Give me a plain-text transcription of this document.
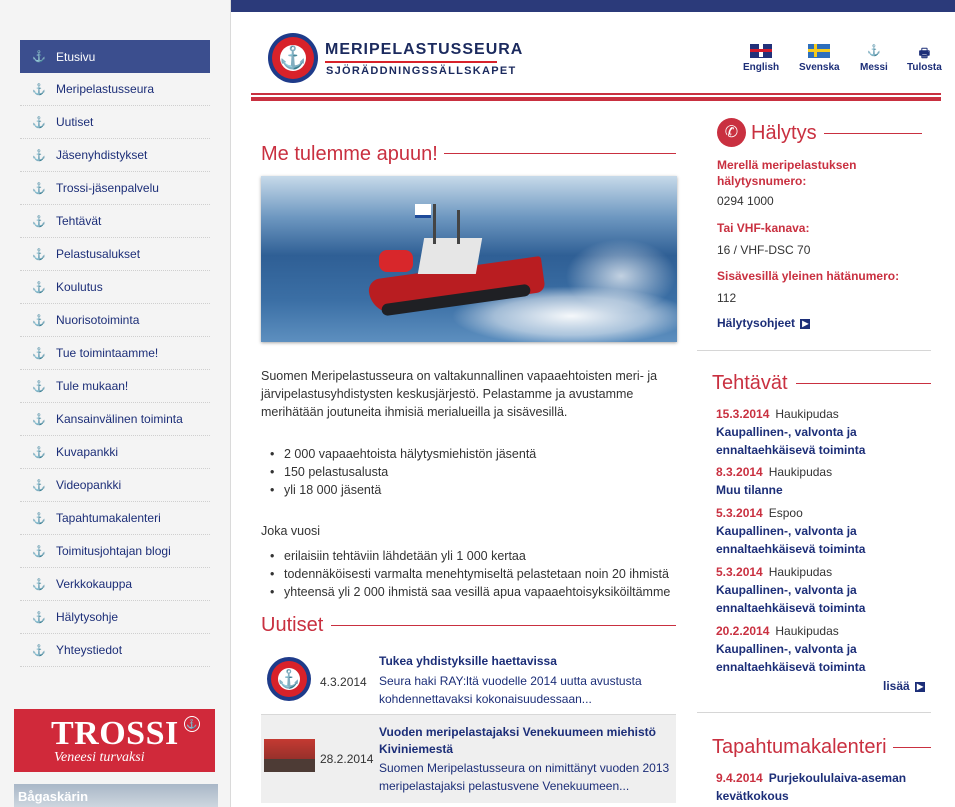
⚓ Etusivu
⚓ Meripelastusseura
⚓ Uutiset
⚓ Jäsenyhdistykset
⚓ Trossi-jäsenpalvelu
⚓ Tehtävät
⚓ Pelastusalukset
⚓ Koulutus
⚓ Nuorisotoiminta
⚓ Tue toimintaamme!
⚓ Tule mukaan!
⚓ Kansainvälinen toiminta
⚓ Kuvapankki
⚓ Videopankki
⚓ Tapahtumakalenteri
⚓ Toimitusjohtajan blogi
⚓ Verkkokauppa
⚓ Hälytysohje
⚓ Yhteystiedot
TROSSI ⚓
Veneesi turvaksi
Bågaskärin
⚓	MERIPELASTUSSEURA
SJÖRÄDDNINGSSÄLLSKAPET	English Svenska
⚓
Messi
🖶
Tulosta
Me tulemme apuun!
Suomen Meripelastusseura on valtakunnallinen vapaaehtoisten meri- ja järvipelastusyhdistysten keskusjärjestö. Pelastamme ja avustamme merihätään joutuneita ihmisiä merialueilla ja sisävesillä.
• 2 000 vapaaehtoista hälytysmiehistön jäsentä
• 150 pelastusalusta
• yli 18 000 jäsentä
Joka vuosi
• erilaisiin tehtäviin lähdetään yli 1 000 kertaa
• todennäköisesti varmalta menehtymiseltä pelastetaan noin 20 ihmistä
• yhteensä yli 2 000 ihmistä saa vesillä apua vapaaehtoisyksiköiltämme
Uutiset
⚓	4.3.2014
Tukea yhdistyksille haettavissa
Seura haki RAY:ltä vuodelle 2014 uutta avustusta kohdennettavaksi kokonaisuudessaan...
28.2.2014
Vuoden meripelastajaksi Venekuumeen miehistö Kiviniemestä
Suomen Meripelastusseura on nimittänyt vuoden 2013 meripelastajaksi pelastusvene Venekuumeen...
✆ Hälytys
Merellä meripelastuksen hälytysnumero:
0294 1000
Tai VHF-kanava:
16 / VHF-DSC 70
Sisävesillä yleinen hätänumero:
112
Hälytysohjeet ▶
Tehtävät
15.3.2014 Haukipudas
Kaupallinen-, valvonta ja ennaltaehkäisevä toiminta
8.3.2014 Haukipudas
Muu tilanne
5.3.2014 Espoo
Kaupallinen-, valvonta ja ennaltaehkäisevä toiminta
5.3.2014 Haukipudas
Kaupallinen-, valvonta ja ennaltaehkäisevä toiminta
20.2.2014 Haukipudas
Kaupallinen-, valvonta ja ennaltaehkäisevä toiminta
lisää ▶
Tapahtumakalenteri
9.4.2014 Purjekoululaiva-aseman kevätkokous
